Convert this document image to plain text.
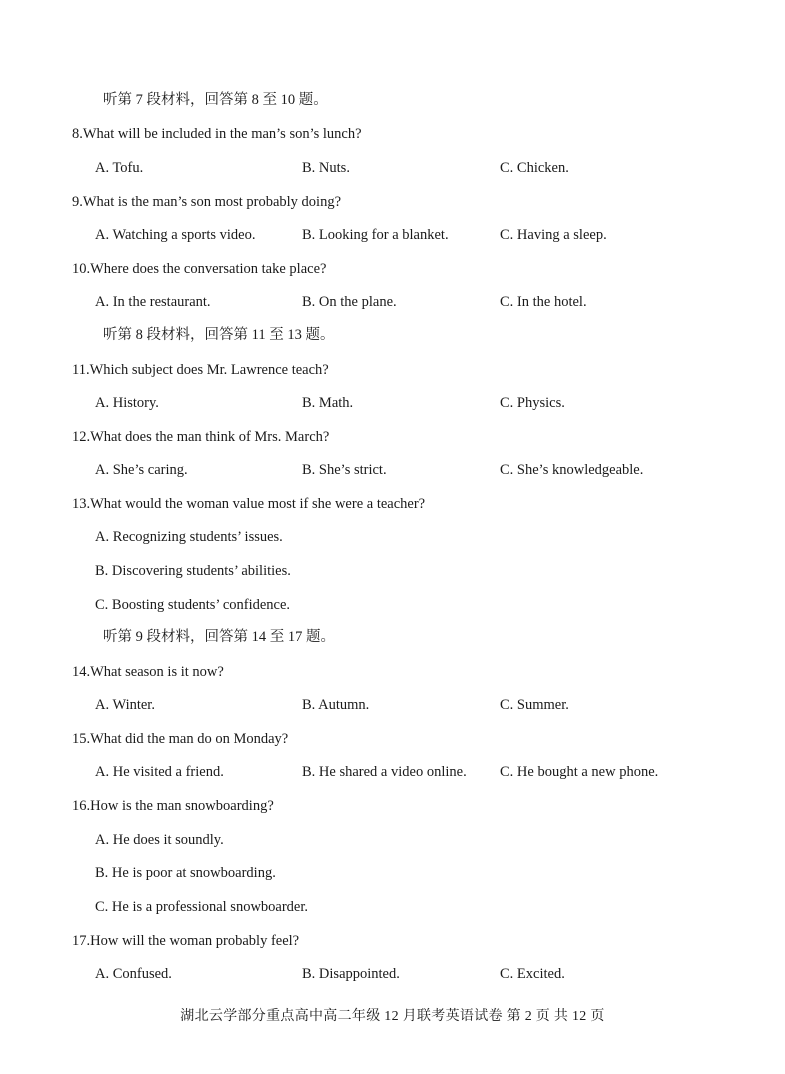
听第 7 段材料，回答第 8 至 10 题。
8.What will be included in the man’s son’s lunch?
A. Tofu.	B. Nuts.	C. Chicken.
9.What is the man’s son most probably doing?
A. Watching a sports video.	B. Looking for a blanket.	C. Having a sleep.
10.Where does the conversation take place?
A. In the restaurant.	B. On the plane.	C. In the hotel.
听第 8 段材料，回答第 11 至 13 题。
11.Which subject does Mr. Lawrence teach?
A. History.	B. Math.	C. Physics.
12.What does the man think of Mrs. March?
A. She’s caring.	B. She’s strict.	C. She’s knowledgeable.
13.What would the woman value most if she were a teacher?
A. Recognizing students’ issues.
B. Discovering students’ abilities.
C. Boosting students’ confidence.
听第 9 段材料，回答第 14 至 17 题。
14.What season is it now?
A. Winter.	B. Autumn.	C. Summer.
15.What did the man do on Monday?
A. He visited a friend.	B. He shared a video online. C. He bought a new phone.
16.How is the man snowboarding?
A. He does it soundly.
B. He is poor at snowboarding.
C. He is a professional snowboarder.
17.How will the woman probably feel?
A. Confused.	B. Disappointed.	C. Excited.
湖北云学部分重点高中高二年级 12 月联考英语试卷 第 2 页 共 12 页
